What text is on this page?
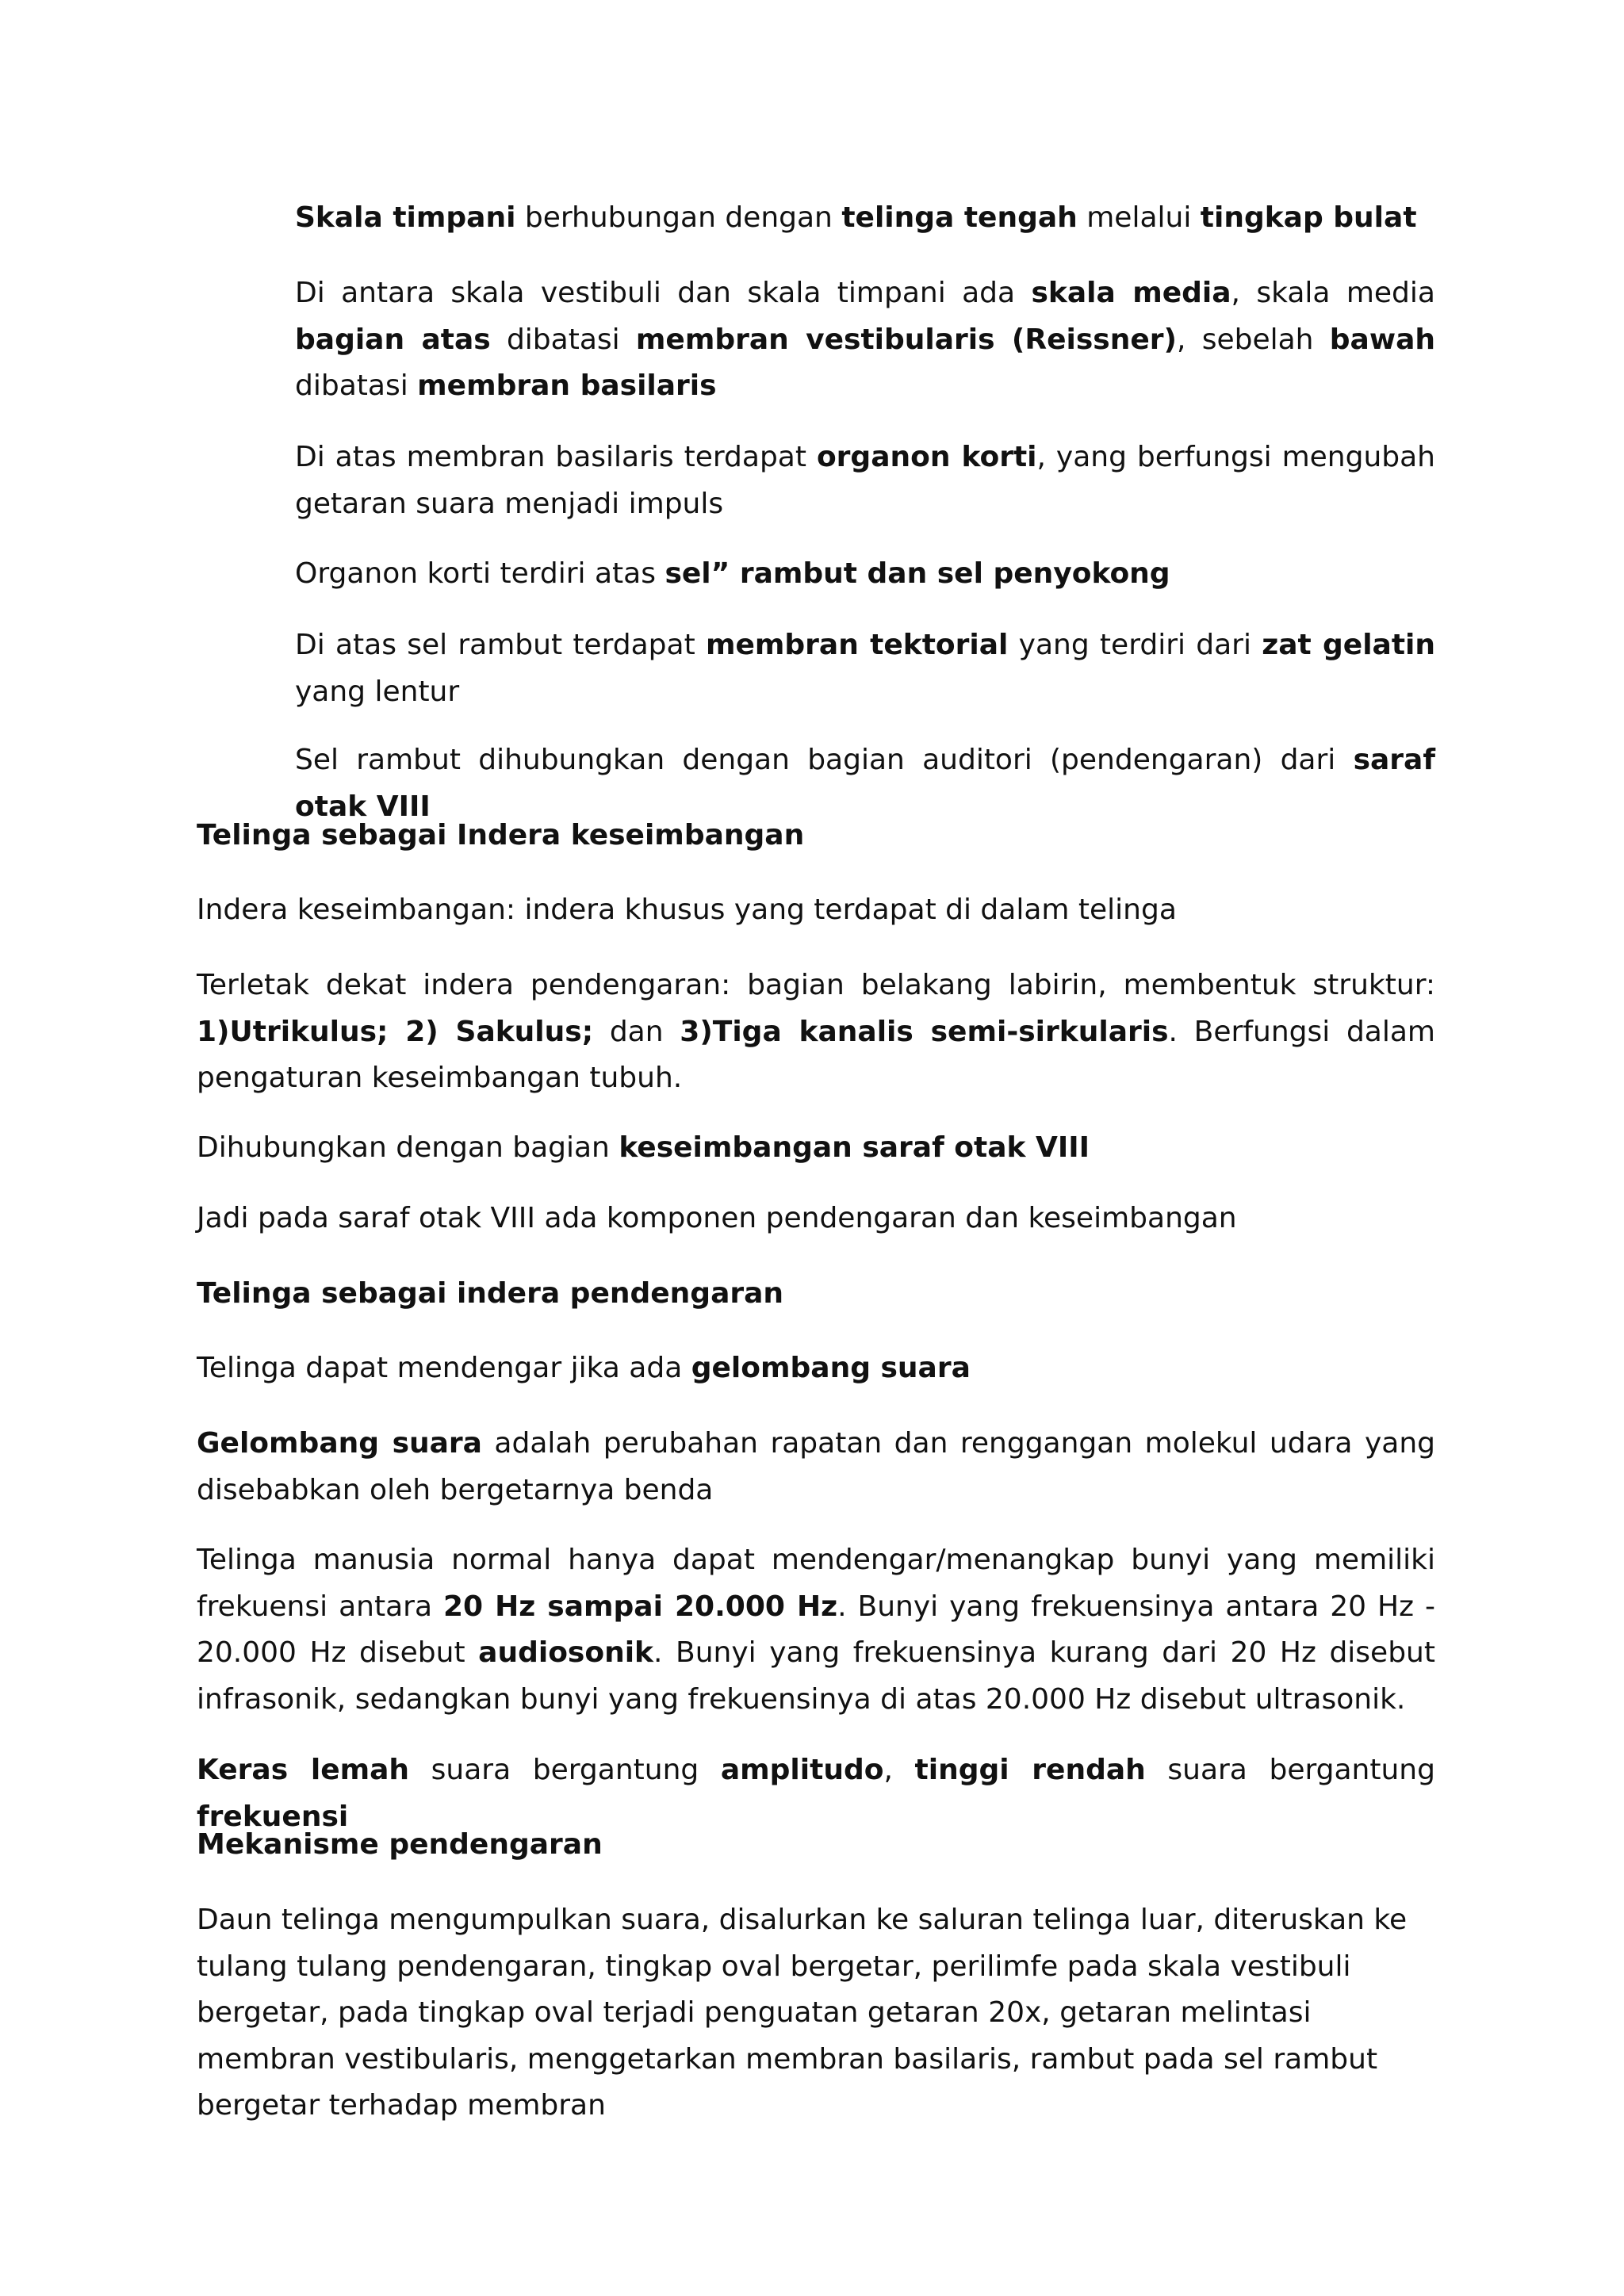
Skala timpani berhubungan dengan telinga tengah melalui tingkap bulat

Di antara skala vestibuli dan skala timpani ada skala media, skala media bagian atas dibatasi membran vestibularis (Reissner), sebelah bawah dibatasi membran basilaris

Di atas membran basilaris terdapat organon korti, yang berfungsi mengubah getaran suara menjadi impuls

Organon korti terdiri atas sel” rambut dan sel penyokong

Di atas sel rambut terdapat membran tektorial yang terdiri dari zat gelatin yang lentur

Sel rambut dihubungkan dengan bagian auditori (pendengaran) dari saraf otak VIII

Telinga sebagai Indera keseimbangan

Indera keseimbangan: indera khusus yang terdapat di dalam telinga

Terletak dekat indera pendengaran: bagian belakang labirin, membentuk struktur: 1)Utrikulus; 2) Sakulus; dan 3)Tiga kanalis semi-sirkularis. Berfungsi dalam pengaturan keseimbangan tubuh.

Dihubungkan dengan bagian keseimbangan saraf otak VIII

Jadi pada saraf otak VIII ada komponen pendengaran dan keseimbangan

Telinga sebagai indera pendengaran

Telinga dapat mendengar jika ada gelombang suara

Gelombang suara adalah perubahan rapatan dan renggangan molekul udara yang disebabkan oleh bergetarnya benda

Telinga manusia normal hanya dapat mendengar/menangkap bunyi yang memiliki frekuensi antara 20 Hz sampai 20.000 Hz. Bunyi yang frekuensinya antara 20 Hz - 20.000 Hz disebut audiosonik. Bunyi yang frekuensinya kurang dari 20 Hz disebut infrasonik, sedangkan bunyi yang frekuensinya di atas 20.000 Hz disebut ultrasonik.

Keras lemah suara bergantung amplitudo, tinggi rendah suara bergantung frekuensi

Mekanisme pendengaran

Daun telinga mengumpulkan suara, disalurkan ke saluran telinga luar, diteruskan ke tulang tulang pendengaran, tingkap oval bergetar, perilimfe pada skala vestibuli bergetar, pada tingkap oval terjadi penguatan getaran 20x, getaran melintasi membran vestibularis, menggetarkan membran basilaris, rambut pada sel rambut bergetar terhadap membran
